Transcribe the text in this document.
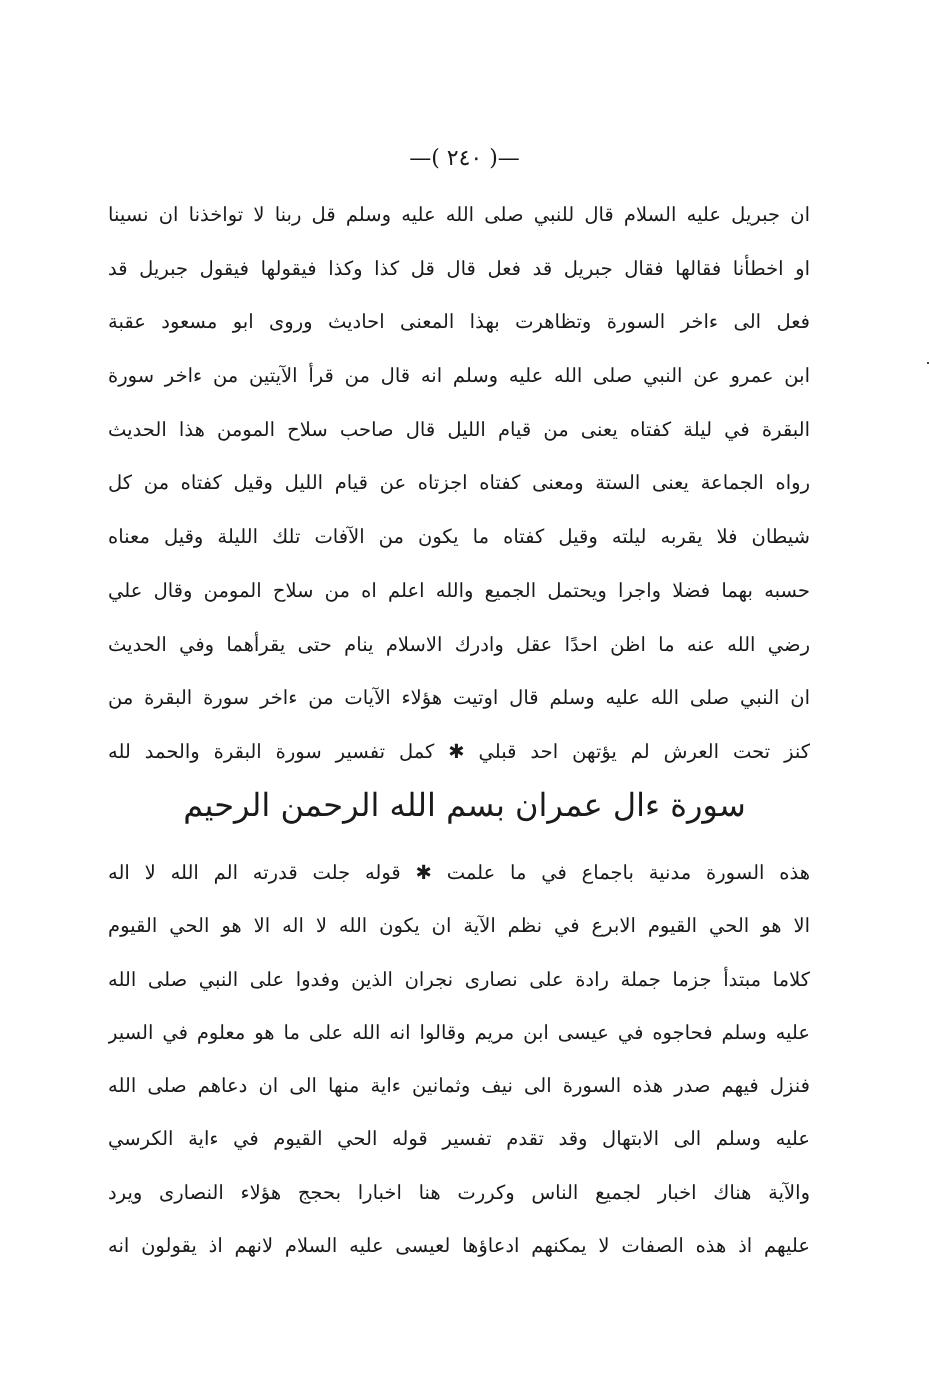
—( ٢٤٠ )—
ان جبريل عليه السلام قال للنبي صلى الله عليه وسلم قل ربنا لا تواخذنا ان نسينا
او اخطأنا فقالها فقال جبريل قد فعل قال قل كذا وكذا فيقولها فيقول جبريل قد
فعل الى ءاخر السورة وتظاهرت بهذا المعنى احاديث وروى ابو مسعود عقبة
ابن عمرو عن النبي صلى الله عليه وسلم انه قال من قرأ الآيتين من ءاخر سورة
البقرة في ليلة كفتاه يعنى من قيام الليل قال صاحب سلاح المومن هذا الحديث
رواه الجماعة يعنى الستة ومعنى كفتاه اجزتاه عن قيام الليل وقيل كفتاه من كل
شيطان فلا يقربه ليلته وقيل كفتاه ما يكون من الآفات تلك الليلة وقيل معناه
حسبه بهما فضلا واجرا ويحتمل الجميع والله اعلم اه من سلاح المومن وقال علي
رضي الله عنه ما اظن احدًا عقل وادرك الاسلام ينام حتى يقرأهما وفي الحديث
ان النبي صلى الله عليه وسلم قال اوتيت هؤلاء الآيات من ءاخر سورة البقرة من
كنز تحت العرش لم يؤتهن احد قبلي ✱ كمل تفسير سورة البقرة والحمد لله
سورة ءال عمران بسم الله الرحمن الرحيم
هذه السورة مدنية باجماع في ما علمت ✱ قوله جلت قدرته الم الله لا اله
الا هو الحي القيوم الابرع في نظم الآية ان يكون الله لا اله الا هو الحي القيوم
كلاما مبتدأ جزما جملة رادة على نصارى نجران الذين وفدوا على النبي صلى الله
عليه وسلم فحاجوه في عيسى ابن مريم وقالوا انه الله على ما هو معلوم في السير
فنزل فيهم صدر هذه السورة الى نيف وثمانين ءاية منها الى ان دعاهم صلى الله
عليه وسلم الى الابتهال وقد تقدم تفسير قوله الحي القيوم في ءاية الكرسي
والآية هناك اخبار لجميع الناس وكررت هنا اخبارا بحجج هؤلاء النصارى ويرد
عليهم اذ هذه الصفات لا يمكنهم ادعاؤها لعيسى عليه السلام لانهم اذ يقولون انه
